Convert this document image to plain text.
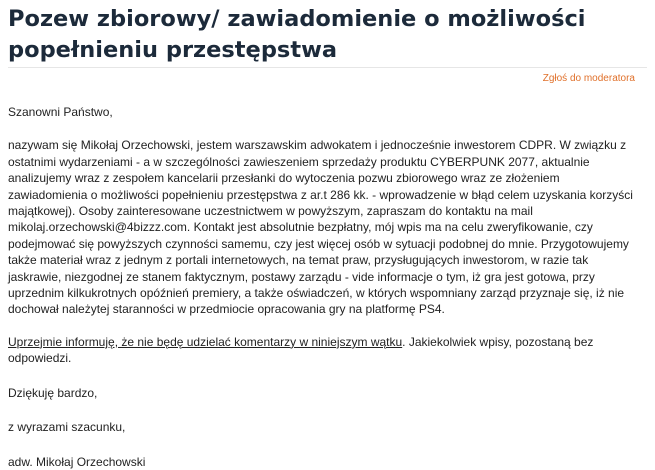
Pozew zbiorowy/ zawiadomienie o możliwości popełnieniu przestępstwa
Zgłoś do moderatora

Szanowni Państwo,

nazywam się Mikołaj Orzechowski, jestem warszawskim adwokatem i jednocześnie inwestorem CDPR. W związku z ostatnimi wydarzeniami - a w szczególności zawieszeniem sprzedaży produktu CYBERPUNK 2077, aktualnie analizujemy wraz z zespołem kancelarii przesłanki do wytoczenia pozwu zbiorowego wraz ze złożeniem zawiadomienia o możliwości popełnieniu przestępstwa z ar.t 286 kk. - wprowadzenie w błąd celem uzyskania korzyści majątkowej). Osoby zainteresowane uczestnictwem w powyższym, zapraszam do kontaktu na mail mikolaj.orzechowski@4bizzz.com. Kontakt jest absolutnie bezpłatny, mój wpis ma na celu zweryfikowanie, czy podejmować się powyższych czynności samemu, czy jest więcej osób w sytuacji podobnej do mnie. Przygotowujemy także materiał wraz z jednym z portali internetowych, na temat praw, przysługujących inwestorom, w razie tak jaskrawie, niezgodnej ze stanem faktycznym, postawy zarządu - vide informacje o tym, iż gra jest gotowa, przy uprzednim kilkukrotnych opóźnień premiery, a także oświadczeń, w których wspomniany zarząd przyznaje się, iż nie dochował należytej staranności w przedmiocie opracowania gry na platformę PS4.

Uprzejmie informuję, że nie będę udzielać komentarzy w niniejszym wątku. Jakiekolwiek wpisy, pozostaną bez odpowiedzi.

Dziękuję bardzo,

z wyrazami szacunku,

adw. Mikołaj Orzechowski
